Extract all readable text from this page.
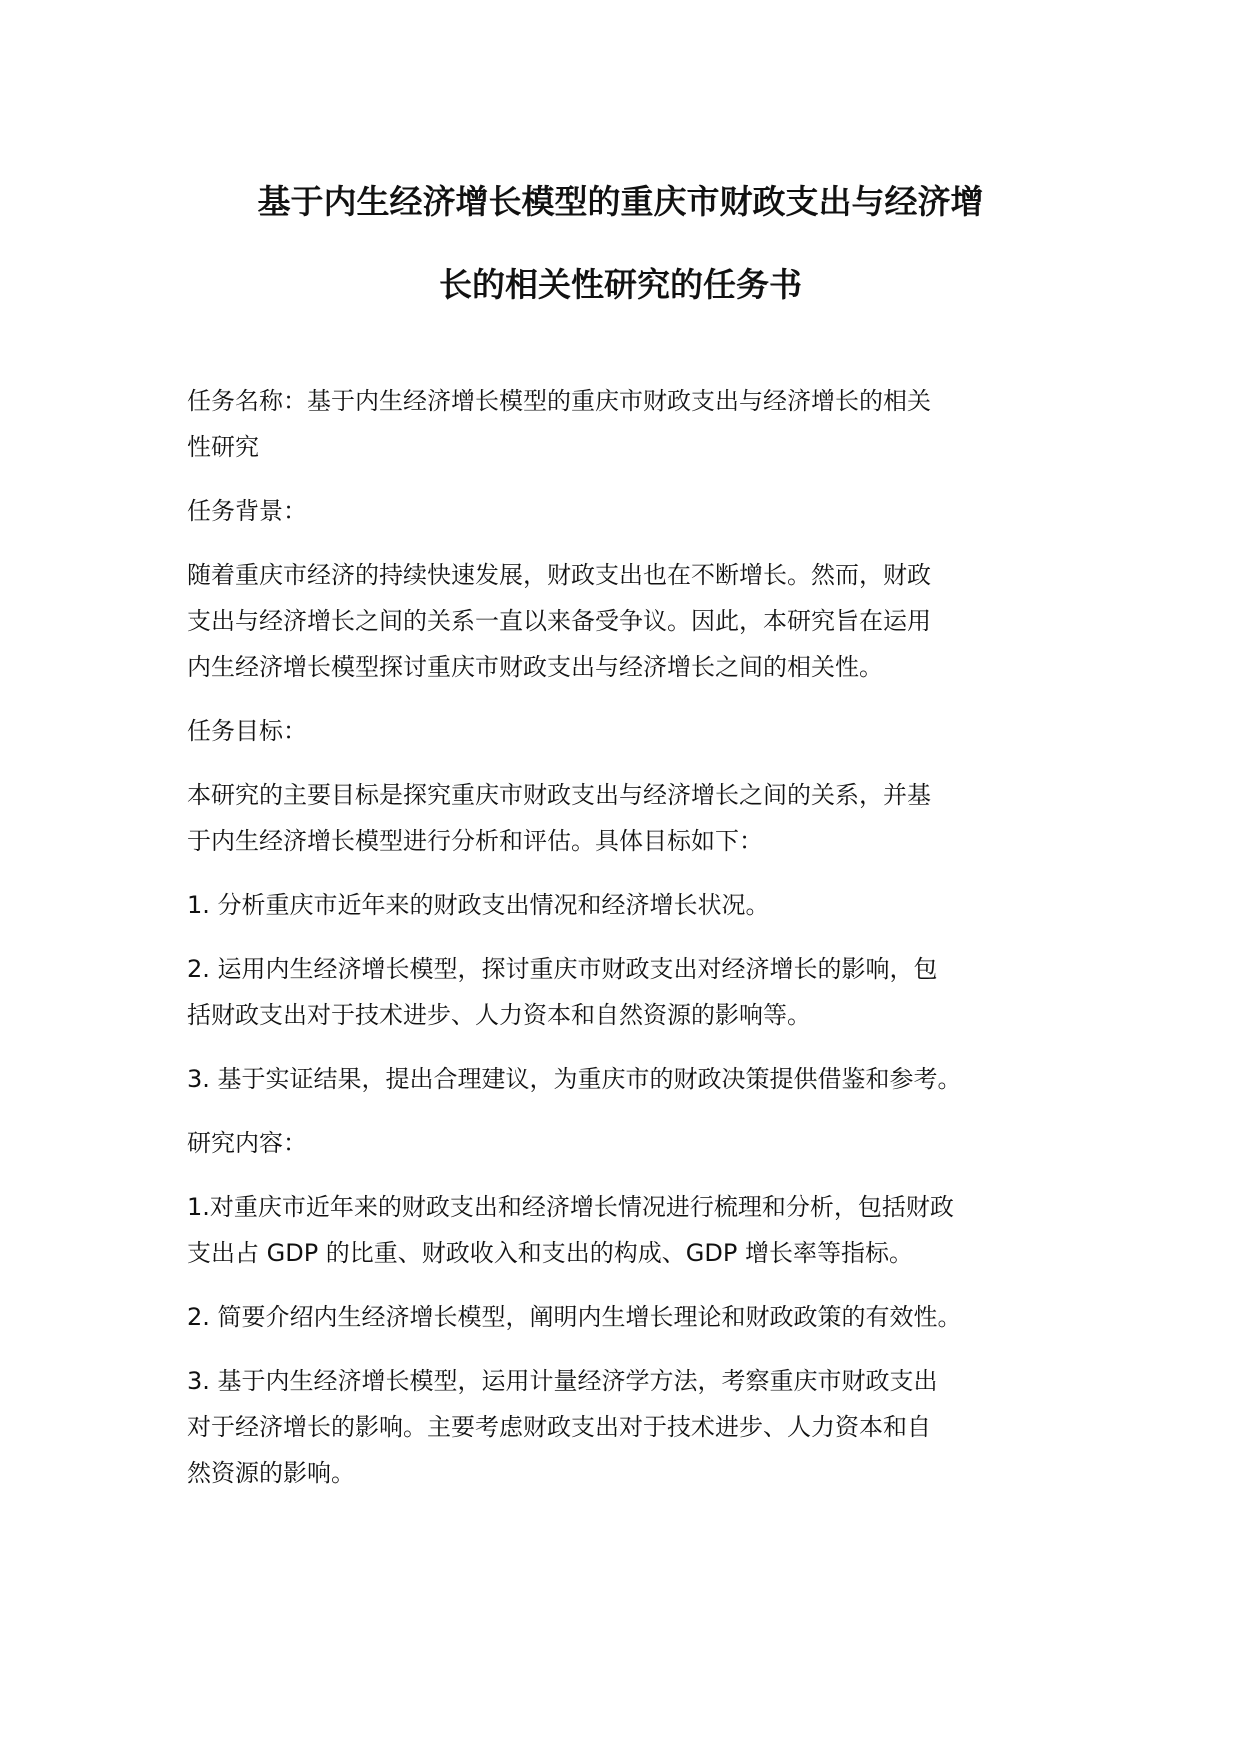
基于内生经济增长模型的重庆市财政支出与经济增
长的相关性研究的任务书

任务名称：基于内生经济增长模型的重庆市财政支出与经济增长的相关
性研究

任务背景：

随着重庆市经济的持续快速发展，财政支出也在不断增长。然而，财政
支出与经济增长之间的关系一直以来备受争议。因此，本研究旨在运用
内生经济增长模型探讨重庆市财政支出与经济增长之间的相关性。

任务目标：

本研究的主要目标是探究重庆市财政支出与经济增长之间的关系，并基
于内生经济增长模型进行分析和评估。具体目标如下：

1. 分析重庆市近年来的财政支出情况和经济增长状况。

2. 运用内生经济增长模型，探讨重庆市财政支出对经济增长的影响，包
括财政支出对于技术进步、人力资本和自然资源的影响等。

3. 基于实证结果，提出合理建议，为重庆市的财政决策提供借鉴和参考。

研究内容：

1.对重庆市近年来的财政支出和经济增长情况进行梳理和分析，包括财政
支出占 GDP 的比重、财政收入和支出的构成、GDP 增长率等指标。

2. 简要介绍内生经济增长模型，阐明内生增长理论和财政政策的有效性。

3. 基于内生经济增长模型，运用计量经济学方法，考察重庆市财政支出
对于经济增长的影响。主要考虑财政支出对于技术进步、人力资本和自
然资源的影响。
